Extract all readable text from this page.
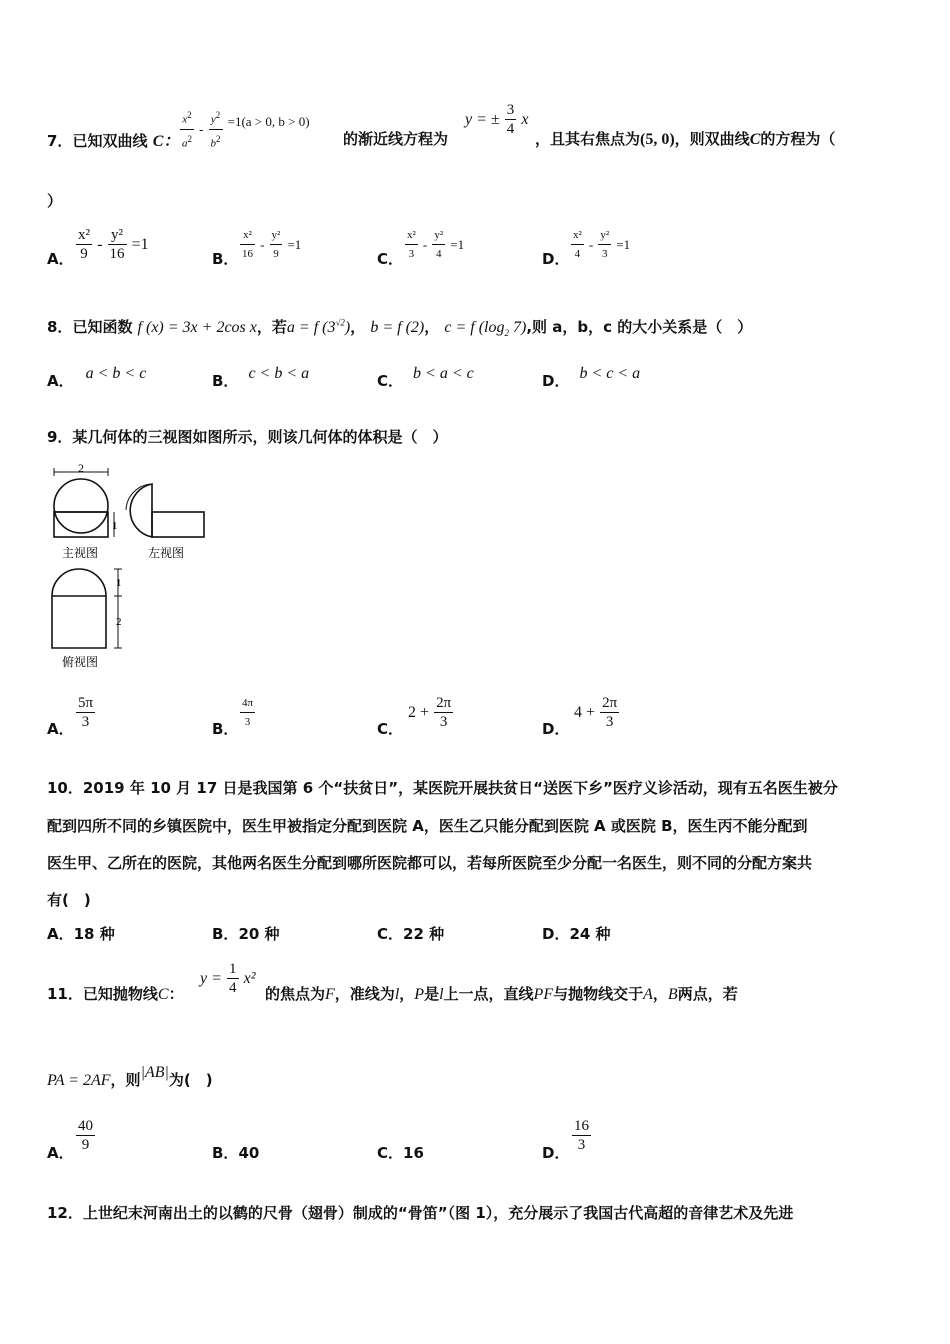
7．已知双曲线 C： $\frac{x^2}{a^2} - \frac{y^2}{b^2} ^{=1(a > 0, b > 0)}$
的渐近线方程为
y = ± $\frac{3}{4}$ x
，且其右焦点为(5, 0)，则双曲线C的方程为（
）
A． $\frac{\text{x²}}{9} - \frac{\text{y²}}{16} =1$
B． $\frac{\text{x²}}{16} - \frac{\text{y²}}{9} =1$
C． $\frac{\text{x²}}{3} - \frac{\text{y²}}{4} =1$
D． $\frac{\text{x²}}{4} - \frac{\text{y²}}{3} =1$
8．已知函数 f (x) = 3x + 2cos x，若a = f $(3^{√2})$， b = f (2)， c = f ($\log_2$ 7),则 a，b，c 的大小关系是（　）
A． a < b < c	B． c < b < a	C． b < a < c	D． b < c < a
9．某几何体的三视图如图所示，则该几何体的体积是（　）
2
1
主视图	左视图
1
2
俯视图
A． $\frac{5\pi}{3}$	B． $\frac{4\pi}{3}$	C．
$2 + \frac{2\pi}{3}$	D．
$4 + \frac{2\pi}{3}$
10．2019 年 10 月 17 日是我国第 6 个“扶贫日”，某医院开展扶贫日“送医下乡”医疗义诊活动，现有五名医生被分
配到四所不同的乡镇医院中，医生甲被指定分配到医院 A，医生乙只能分配到医院 A 或医院 B，医生丙不能分配到
医生甲、乙所在的医院，其他两名医生分配到哪所医院都可以，若每所医院至少分配一名医生，则不同的分配方案共
有(　)
A．18 种	B．20 种	C．22 种	D．24 种
11．已知抛物线C：
$y = \frac{1}{4} x^2$
的焦点为F，准线为l，P是l上一点，直线PF与抛物线交于A，B两点，若
PA = 2AF，则|AB|为(　)
A． $\frac{40}{9}$	B．40	C．16	D． $\frac{16}{3}$
12．上世纪末河南出土的以鹤的尺骨（翅骨）制成的“骨笛”（图 1），充分展示了我国古代高超的音律艺术及先进
